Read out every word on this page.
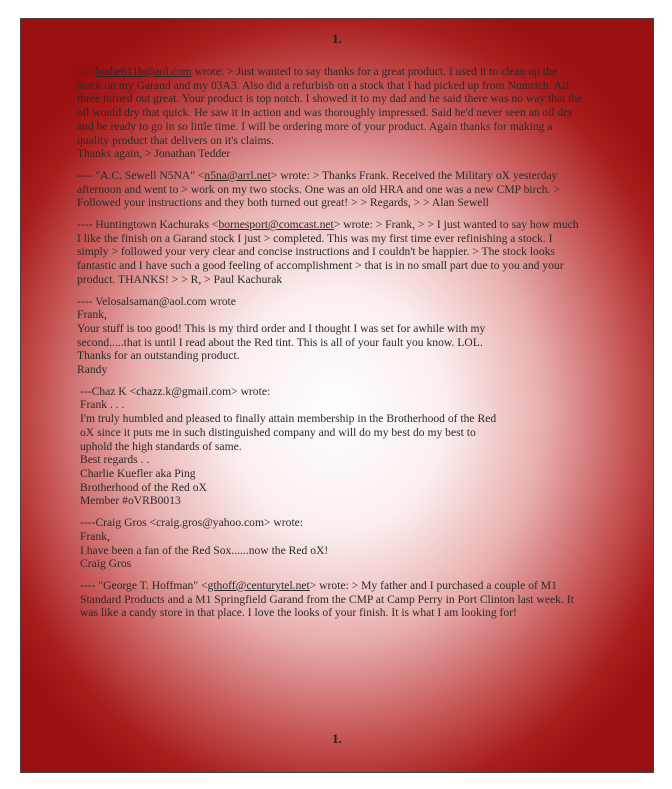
1.
---- bodie611b@aol.com wrote: > Just wanted to say thanks for a great product. I used it to clean up the stock on my Garand and my 03A3. Also did a refurbish on a stock that I had picked up from Numrich. All three turned out great. Your product is top notch. I showed it to my dad and he said there was no way that the oil would dry that quick. He saw it in action and was thoroughly impressed. Said he'd never seen an oil dry and be ready to go in so little time. I will be ordering more of your product. Again thanks for making a quality product that delivers on it's claims.
Thanks again, > Jonathan Tedder
---- "A.C. Sewell N5NA" <n5na@arrl.net> wrote: > Thanks Frank. Received the Military oX yesterday afternoon and went to > work on my two stocks. One was an old HRA and one was a new CMP birch. > Followed your instructions and they both turned out great! > > Regards, > > Alan Sewell
---- Huntingtown Kachuraks <bornesport@comcast.net> wrote: > Frank, > > I just wanted to say how much I like the finish on a Garand stock I just > completed. This was my first time ever refinishing a stock. I simply > followed your very clear and concise instructions and I couldn't be happier. > The stock looks fantastic and I have such a good feeling of accomplishment > that is in no small part due to you and your product. THANKS! > > R, > Paul Kachurak
---- Velosalsaman@aol.com wrote
Frank,
Your stuff is too good! This is my third order and I thought I was set for awhile with my
second.....that is until I read about the Red tint. This is all of your fault you know. LOL.
Thanks for an outstanding product.
Randy
---Chaz K <chazz.k@gmail.com> wrote:
Frank . . .
I'm truly humbled and pleased to finally attain membership in the Brotherhood of the Red
oX since it puts me in such distinguished company and will do my best do my best to
uphold the high standards of same.
Best regards . .
Charlie Kuefler aka Ping
Brotherhood of the Red oX
Member #oVRB0013
----Craig Gros <craig.gros@yahoo.com> wrote:
Frank,
I have been a fan of the Red Sox......now the Red oX!
Craig Gros
---- "George T. Hoffman" <gthoff@centurytel.net> wrote: > My father and I purchased a couple of M1 Standard Products and a M1 Springfield Garand from the CMP at Camp Perry in Port Clinton last week. It was like a candy store in that place. I love the looks of your finish. It is what I am looking for!
1.
